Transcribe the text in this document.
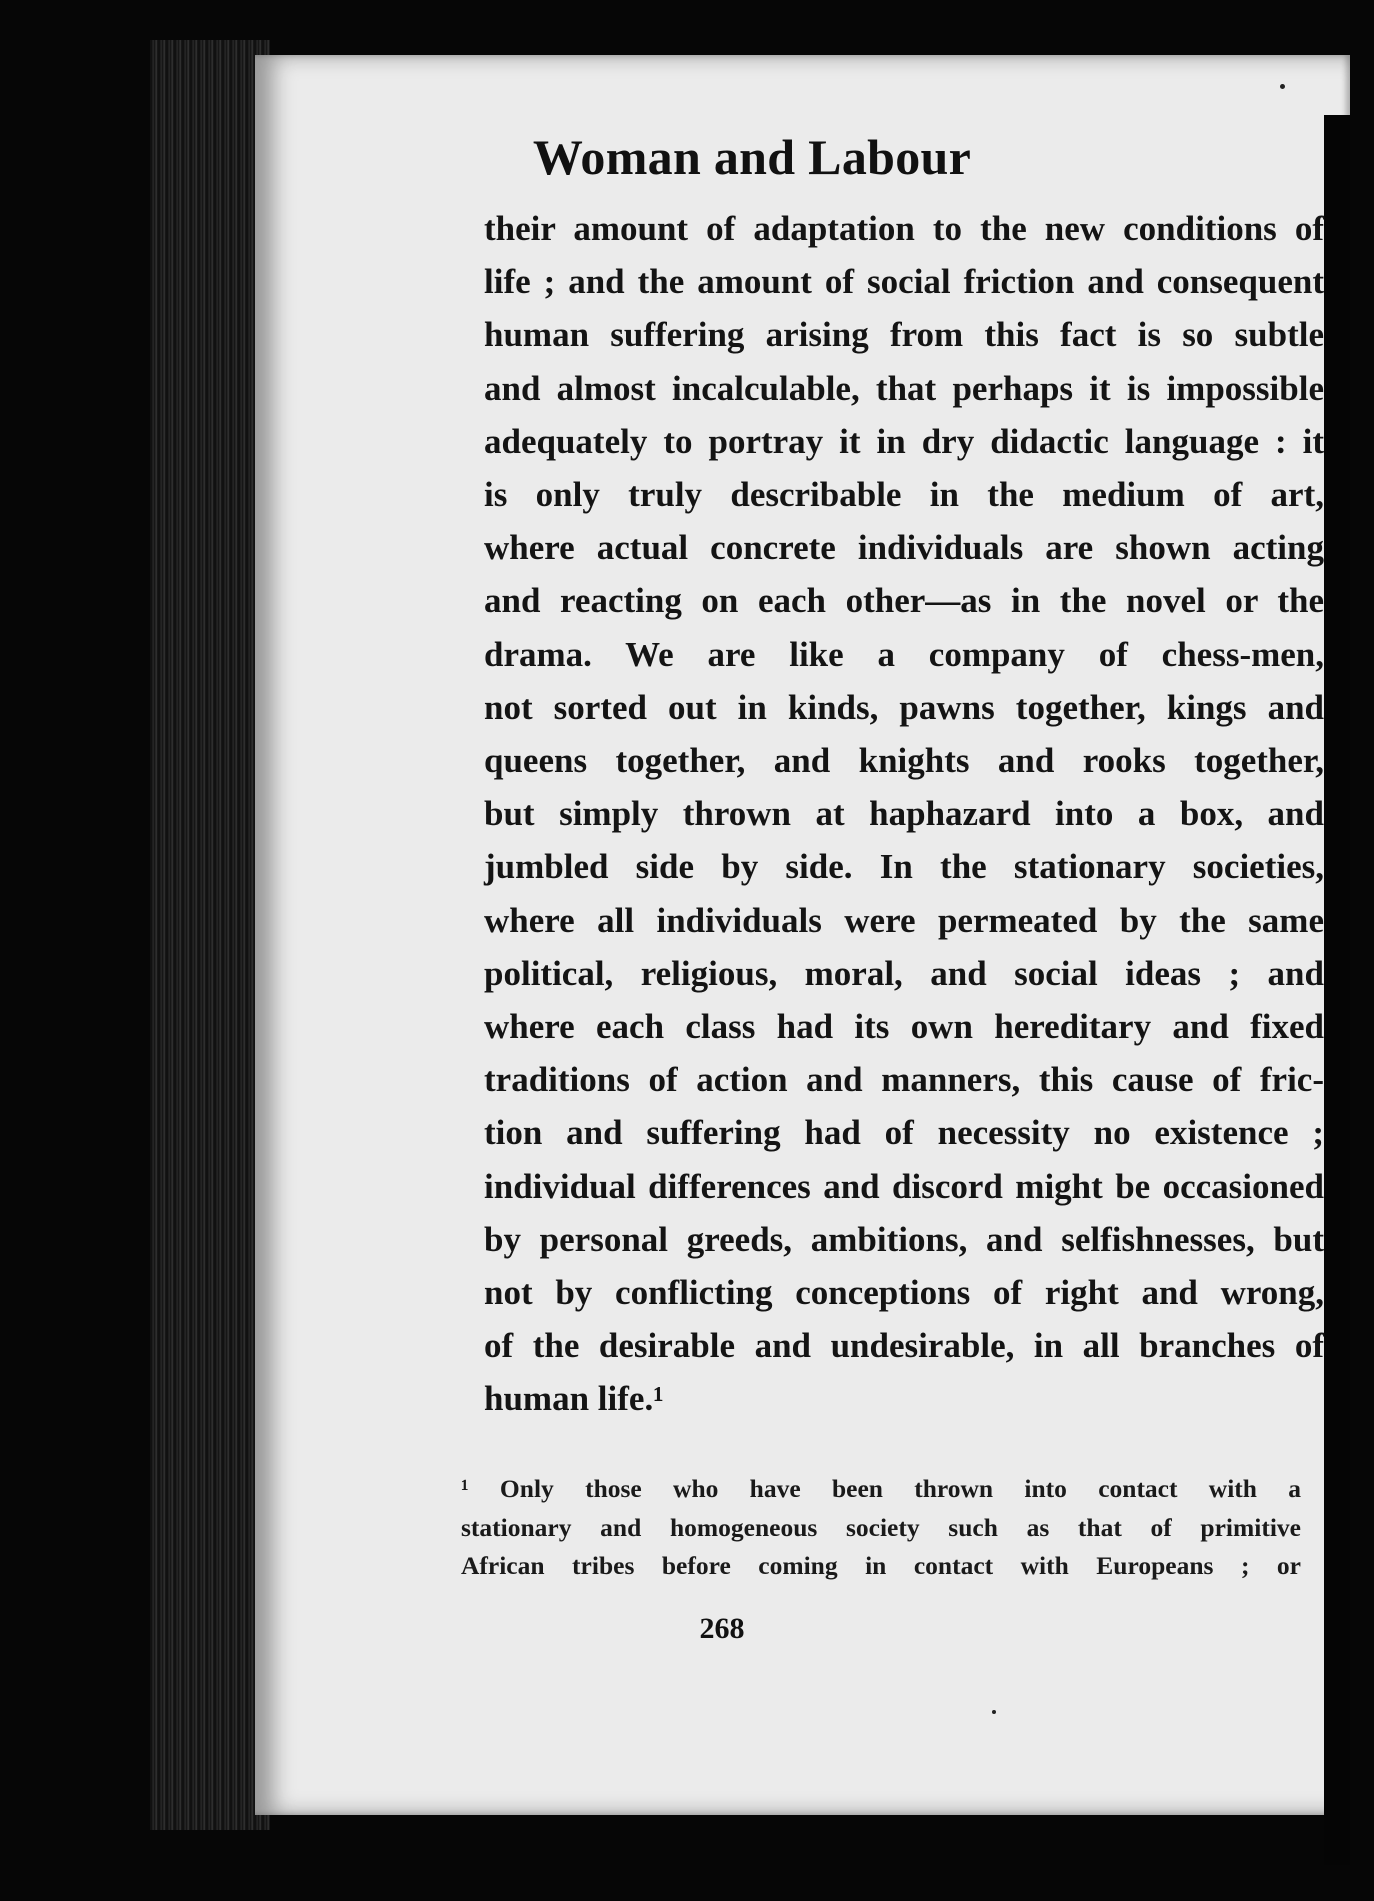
Woman and Labour
their amount of adaptation to the new conditions of
life ; and the amount of social friction and consequent
human suffering arising from this fact is so subtle
and almost incalculable, that perhaps it is impossible
adequately to portray it in dry didactic language : it
is only truly describable in the medium of art,
where actual concrete individuals are shown acting
and reacting on each other—as in the novel or the
drama. We are like a company of chess-men,
not sorted out in kinds, pawns together, kings and
queens together, and knights and rooks together,
but simply thrown at haphazard into a box, and
jumbled side by side. In the stationary societies,
where all individuals were permeated by the same
political, religious, moral, and social ideas ; and
where each class had its own hereditary and fixed
traditions of action and manners, this cause of fric-
tion and suffering had of necessity no existence ;
individual differences and discord might be occasioned
by personal greeds, ambitions, and selfishnesses, but
not by conflicting conceptions of right and wrong,
of the desirable and undesirable, in all branches of
human life.¹
¹ Only those who have been thrown into contact with a
stationary and homogeneous society such as that of primitive
African tribes before coming in contact with Europeans ; or
268
